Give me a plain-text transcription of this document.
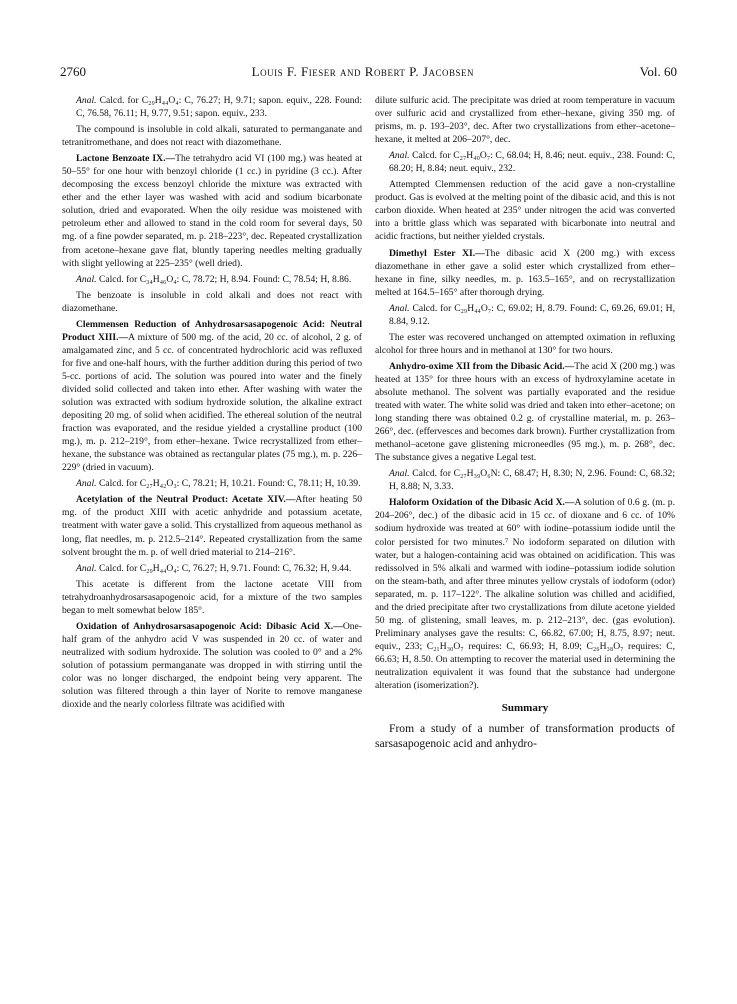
2760	Louis F. Fieser and Robert P. Jacobsen	Vol. 60

Anal. Calcd. for C₂₉H₄₄O₄: C, 76.27; H, 9.71; sapon. equiv., 228. Found: C, 76.58, 76.11; H, 9.77, 9.51; sapon. equiv., 233.

The compound is insoluble in cold alkali, saturated to permanganate and tetranitromethane, and does not react with diazomethane.

Lactone Benzoate IX.—The tetrahydro acid VI (100 mg.) was heated at 50–55° for one hour with benzoyl chloride (1 cc.) in pyridine (3 cc.). After decomposing the excess benzoyl chloride the mixture was extracted with ether and the ether layer was washed with acid and sodium bicarbonate solution, dried and evaporated. When the oily residue was moistened with petroleum ether and allowed to stand in the cold room for several days, 50 mg. of a fine powder separated, m. p. 218–223°, dec. Repeated crystallization from acetone–hexane gave flat, bluntly tapering needles melting gradually with slight yellowing at 225–235° (well dried).

Anal. Calcd. for C₃₄H₄₆O₄: C, 78.72; H, 8.94. Found: C, 78.54; H, 8.86.

The benzoate is insoluble in cold alkali and does not react with diazomethane.

Clemmensen Reduction of Anhydrosarsasapogenoic Acid: Neutral Product XIII.—A mixture of 500 mg. of the acid, 20 cc. of alcohol, 2 g. of amalgamated zinc, and 5 cc. of concentrated hydrochloric acid was refluxed for five and one-half hours, with the further addition during this period of two 5-cc. portions of acid. The solution was poured into water and the finely divided solid collected and taken into ether. After washing with water the solution was extracted with sodium hydroxide solution, the alkaline extract depositing 20 mg. of solid when acidified. The ethereal solution of the neutral fraction was evaporated, and the residue yielded a crystalline product (100 mg.), m. p. 212–219°, from ether–hexane. Twice recrystallized from ether–hexane, the substance was obtained as rectangular plates (75 mg.), m. p. 226–229° (dried in vacuum).

Anal. Calcd. for C₂₇H₄₂O₃: C, 78.21; H, 10.21. Found: C, 78.11; H, 10.39.

Acetylation of the Neutral Product: Acetate XIV.—After heating 50 mg. of the product XIII with acetic anhydride and potassium acetate, treatment with water gave a solid. This crystallized from aqueous methanol as long, flat needles, m. p. 212.5–214°. Repeated crystallization from the same solvent brought the m. p. of well dried material to 214–216°.

Anal. Calcd. for C₂₉H₄₄O₄: C, 76.27; H, 9.71. Found: C, 76.32; H, 9.44.

This acetate is different from the lactone acetate VIII from tetrahydroanhydrosarsasapogenoic acid, for a mixture of the two samples began to melt somewhat below 185°.

Oxidation of Anhydrosarsasapogenoic Acid: Dibasic Acid X.—One-half gram of the anhydro acid V was suspended in 20 cc. of water and neutralized with sodium hydroxide. The solution was cooled to 0° and a 2% solution of potassium permanganate was dropped in with stirring until the color was no longer discharged, the endpoint being very apparent. The solution was filtered through a thin layer of Norite to remove manganese dioxide and the nearly colorless filtrate was acidified with

dilute sulfuric acid. The precipitate was dried at room temperature in vacuum over sulfuric acid and crystallized from ether–hexane, giving 350 mg. of prisms, m. p. 193–203°, dec. After two crystallizations from ether–acetone–hexane, it melted at 206–207°, dec.

Anal. Calcd. for C₂₇H₄₀O₇: C, 68.04; H, 8.46; neut. equiv., 238. Found: C, 68.20; H, 8.84; neut. equiv., 232.

Attempted Clemmensen reduction of the acid gave a non-crystalline product. Gas is evolved at the melting point of the dibasic acid, and this is not carbon dioxide. When heated at 235° under nitrogen the acid was converted into a brittle glass which was separated with bicarbonate into neutral and acidic fractions, but neither yielded crystals.

Dimethyl Ester XI.—The dibasic acid X (200 mg.) with excess diazomethane in ether gave a solid ester which crystallized from ether–hexane in fine, silky needles, m. p. 163.5–165°, and on recrystallization melted at 164.5–165° after thorough drying.

Anal. Calcd. for C₂₉H₄₄O₇: C, 69.02; H, 8.79. Found: C, 69.26, 69.01; H, 8.84, 9.12.

The ester was recovered unchanged on attempted oximation in refluxing alcohol for three hours and in methanol at 130° for two hours.

Anhydro-oxime XII from the Dibasic Acid.—The acid X (200 mg.) was heated at 135° for three hours with an excess of hydroxylamine acetate in absolute methanol. The solvent was partially evaporated and the residue treated with water. The white solid was dried and taken into ether–acetone; on long standing there was obtained 0.2 g. of crystalline material, m. p. 263–266°, dec. (effervesces and becomes dark brown). Further crystallization from methanol–acetone gave glistening microneedles (95 mg.), m. p. 268°, dec. The substance gives a negative Legal test.

Anal. Calcd. for C₂₇H₃₉O₆N: C, 68.47; H, 8.30; N, 2.96. Found: C, 68.32; H, 8.88; N, 3.33.

Haloform Oxidation of the Dibasic Acid X.—A solution of 0.6 g. (m. p. 204–206°, dec.) of the dibasic acid in 15 cc. of dioxane and 6 cc. of 10% sodium hydroxide was treated at 60° with iodine–potassium iodide until the color persisted for two minutes.⁷ No iodoform separated on dilution with water, but a halogen-containing acid was obtained on acidification. This was redissolved in 5% alkali and warmed with iodine–potassium iodide solution on the steam-bath, and after three minutes yellow crystals of iodoform (odor) separated, m. p. 117–122°. The alkaline solution was chilled and acidified, and the dried precipitate after two crystallizations from dilute acetone yielded 50 mg. of glistening, small leaves, m. p. 212–213°, dec. (gas evolution). Preliminary analyses gave the results: C, 66.82, 67.00; H, 8.75, 8.97; neut. equiv., 233; C₂₁H₃₀O₇ requires: C, 66.93; H, 8.09; C₂₆H₃₈O₇ requires: C, 66.63; H, 8.50. On attempting to recover the material used in determining the neutralization equivalent it was found that the substance had undergone alteration (isomerization?).

Summary

From a study of a number of transformation products of sarsasapogenoic acid and anhydro-
